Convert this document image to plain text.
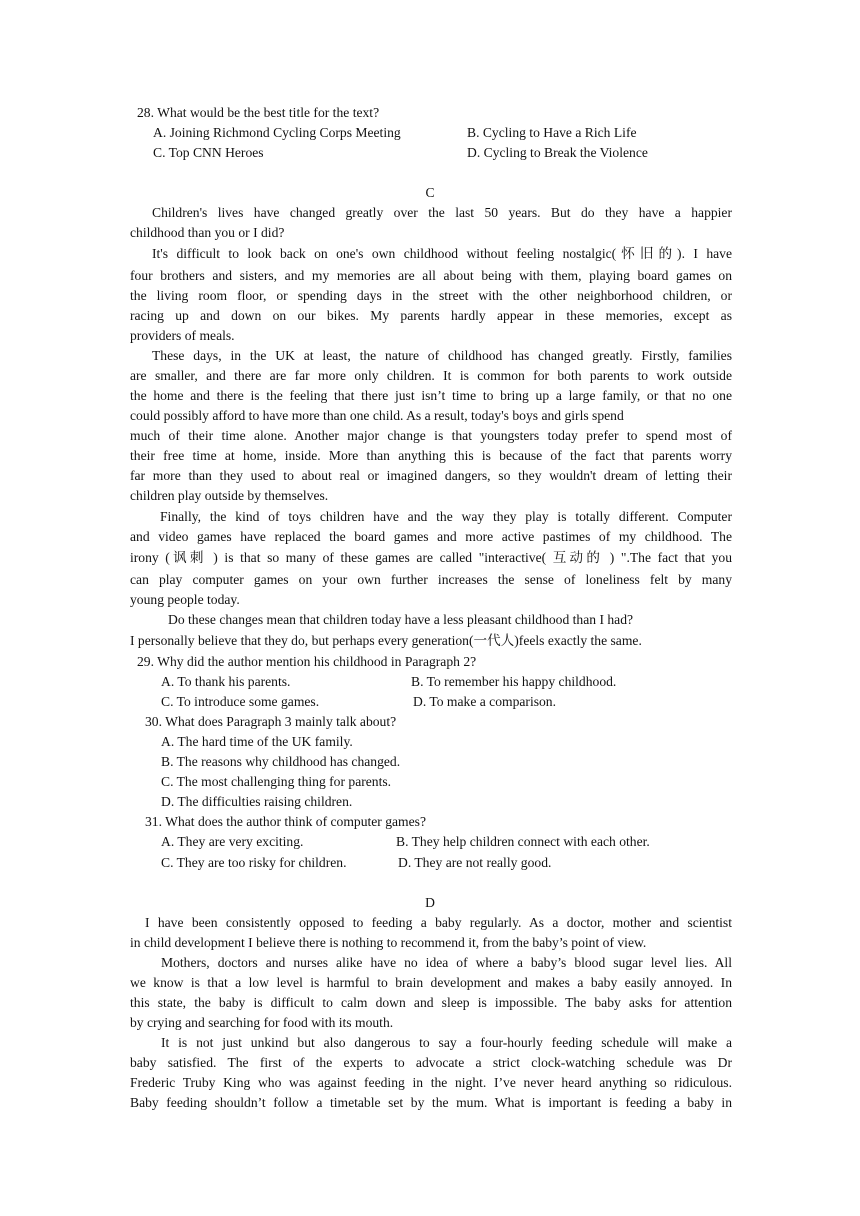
28. What would be the best title for the text?
A. Joining Richmond Cycling Corps Meeting	B. Cycling to Have a Rich Life
C. Top CNN Heroes	D. Cycling to Break the Violence
C
Children's lives have changed greatly over the last 50 years. But do they have a happier
childhood than you or I did?
It's difficult to look back on one's own childhood without feeling nostalgic(怀旧的). I have
four brothers and sisters, and my memories are all about being with them, playing board games on
the living room floor, or spending days in the street with the other neighborhood children, or
racing up and down on our bikes. My parents hardly appear in these memories, except as
providers of meals.
These days, in the UK at least, the nature of childhood has changed greatly. Firstly, families
are smaller, and there are far more only children. It is common for both parents to work outside
the home and there is the feeling that there just isn’t time to bring up a large family, or that no one
could possibly afford to have more than one child. As a result, today's boys and girls spend
much of their time alone. Another major change is that youngsters today prefer to spend most of
their free time at home, inside. More than anything this is because of the fact that parents worry
far more than they used to about real or imagined dangers, so they wouldn't dream of letting their
children play outside by themselves.
Finally, the kind of toys children have and the way they play is totally different. Computer
and video games have replaced the board games and more active pastimes of my childhood. The
irony (讽刺 ) is that so many of these games are called "interactive( 互动的 ) ".The fact that you
can play computer games on your own further increases the sense of loneliness felt by many
young people today.
Do these changes mean that children today have a less pleasant childhood than I had?
I personally believe that they do, but perhaps every generation(一代人)feels exactly the same.
29. Why did the author mention his childhood in Paragraph 2?
A. To thank his parents.	B. To remember his happy childhood.
C. To introduce some games.	D. To make a comparison.
30. What does Paragraph 3 mainly talk about?
A. The hard time of the UK family.
B. The reasons why childhood has changed.
C. The most challenging thing for parents.
D. The difficulties raising children.
31. What does the author think of computer games?
A. They are very exciting.	B. They help children connect with each other.
C. They are too risky for children.	D. They are not really good.
D
I have been consistently opposed to feeding a baby regularly. As a doctor, mother and scientist
in child development I believe there is nothing to recommend it, from the baby’s point of view.
Mothers, doctors and nurses alike have no idea of where a baby’s blood sugar level lies. All
we know is that a low level is harmful to brain development and makes a baby easily annoyed. In
this state, the baby is difficult to calm down and sleep is impossible. The baby asks for attention
by crying and searching for food with its mouth.
It is not just unkind but also dangerous to say a four-hourly feeding schedule will make a
baby satisfied. The first of the experts to advocate a strict clock-watching schedule was Dr
Frederic Truby King who was against feeding in the night. I’ve never heard anything so ridiculous.
Baby feeding shouldn’t follow a timetable set by the mum. What is important is feeding a baby in
